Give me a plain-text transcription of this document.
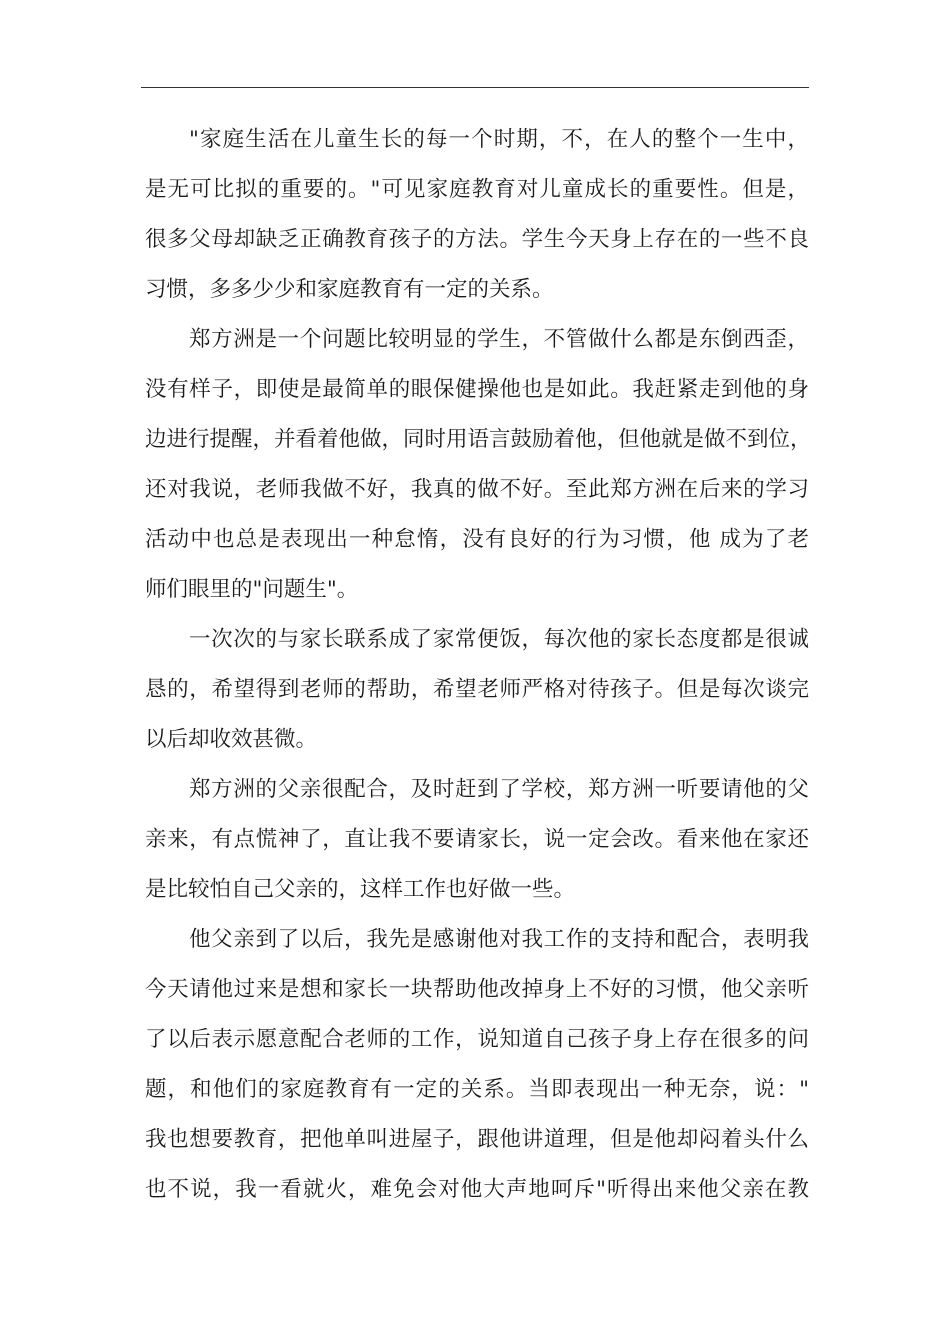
"家庭生活在儿童生长的每一个时期，不，在人的整个一生中，
是无可比拟的重要的。"可见家庭教育对儿童成长的重要性。但是，
很多父母却缺乏正确教育孩子的方法。学生今天身上存在的一些不良
习惯，多多少少和家庭教育有一定的关系。
郑方洲是一个问题比较明显的学生，不管做什么都是东倒西歪，
没有样子，即使是最简单的眼保健操他也是如此。我赶紧走到他的身
边进行提醒，并看着他做，同时用语言鼓励着他，但他就是做不到位，
还对我说，老师我做不好，我真的做不好。至此郑方洲在后来的学习
活动中也总是表现出一种怠惰，没有良好的行为习惯，他 成为了老
师们眼里的"问题生"。
一次次的与家长联系成了家常便饭，每次他的家长态度都是很诚
恳的，希望得到老师的帮助，希望老师严格对待孩子。但是每次谈完
以后却收效甚微。
郑方洲的父亲很配合，及时赶到了学校，郑方洲一听要请他的父
亲来，有点慌神了，直让我不要请家长，说一定会改。看来他在家还
是比较怕自己父亲的，这样工作也好做一些。
他父亲到了以后，我先是感谢他对我工作的支持和配合，表明我
今天请他过来是想和家长一块帮助他改掉身上不好的习惯，他父亲听
了以后表示愿意配合老师的工作，说知道自己孩子身上存在很多的问
题，和他们的家庭教育有一定的关系。当即表现出一种无奈，说："
我也想要教育，把他单叫进屋子，跟他讲道理，但是他却闷着头什么
也不说，我一看就火，难免会对他大声地呵斥"听得出来他父亲在教
